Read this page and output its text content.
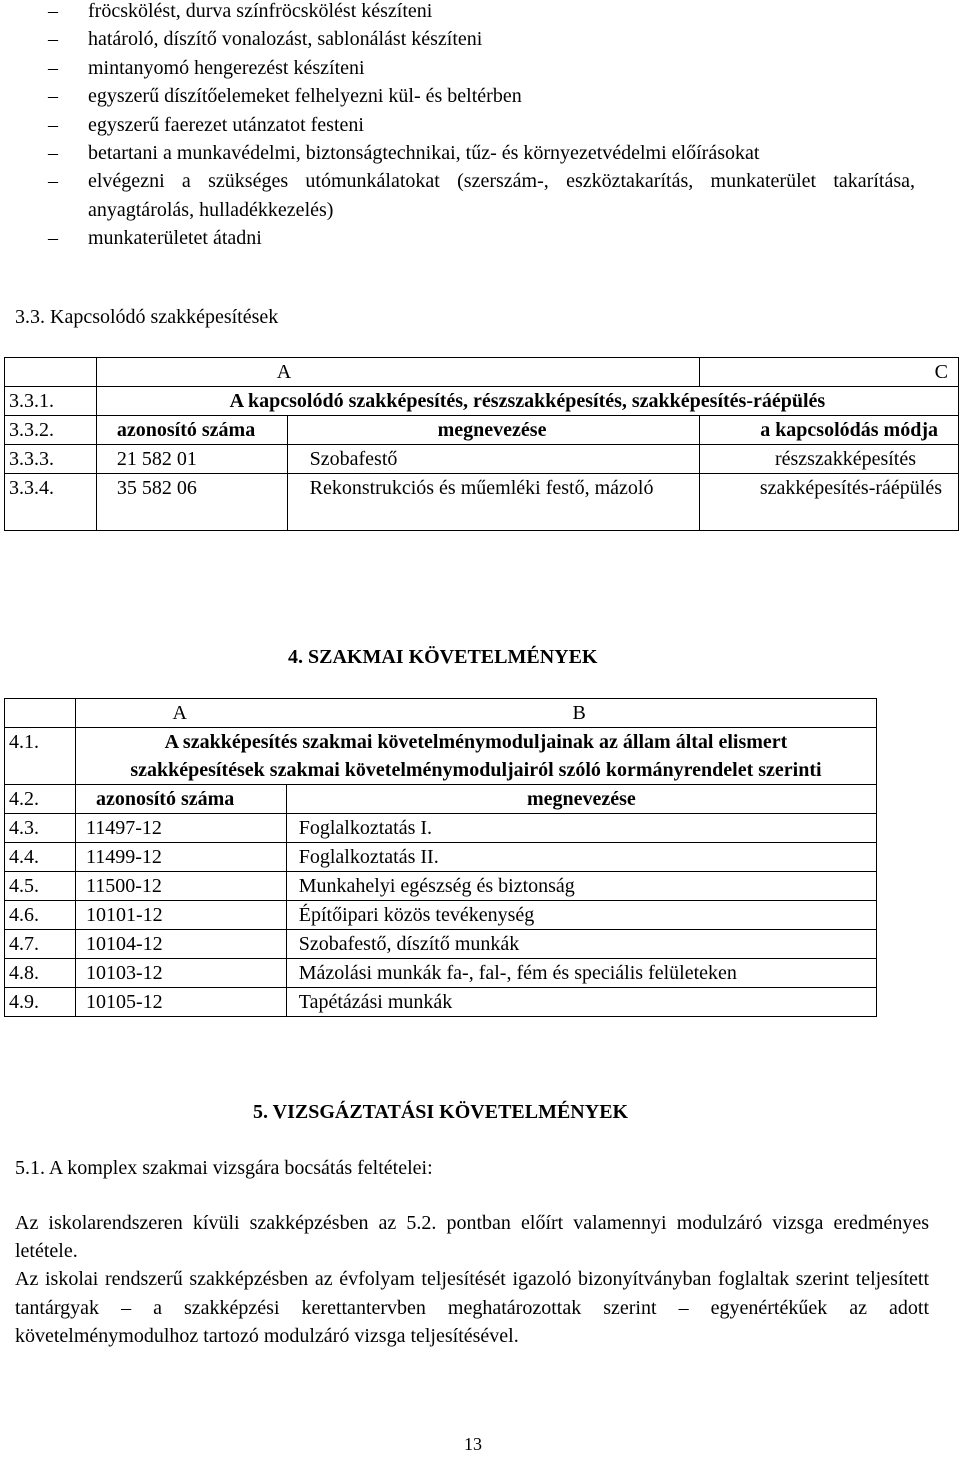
– fröcskölést, durva színfröcskölést készíteni
– határoló, díszítő vonalozást, sablonálást készíteni
– mintanyomó hengerezést készíteni
– egyszerű díszítőelemeket felhelyezni kül- és beltérben
– egyszerű faerezet utánzatot festeni
– betartani a munkavédelmi, biztonságtechnikai, tűz- és környezetvédelmi előírásokat
– elvégezni a szükséges utómunkálatokat (szerszám-, eszköztakarítás, munkaterület takarítása, anyagtárolás, hulladékkezelés)
– munkaterületet átadni
3.3. Kapcsolódó szakképesítések
	A		C
3.3.1.	A kapcsolódó szakképesítés, részszakképesítés, szakképesítés-ráépülés		
3.3.2.	azonosító száma	megnevezése	a kapcsolódás módja
3.3.3.	21 582 01	Szobafestő	részszakképesítés
3.3.4.	35 582 06	Rekonstrukciós és műemléki festő, mázoló	szakképesítés-ráépülés
4. SZAKMAI KÖVETELMÉNYEK

	A B	

4.1.	A szakképesítés szakmai követelménymoduljainak az állam által elismert szakképesítések szakmai követelménymoduljairól szóló kormányrendelet szerinti	
4.2.	azonosító száma	megnevezése
4.3.	11497-12	Foglalkoztatás I.
4.4.	11499-12	Foglalkoztatás II.
4.5.	11500-12	Munkahelyi egészség és biztonság
4.6.	10101-12	Építőipari közös tevékenység
4.7.	10104-12	Szobafestő, díszítő munkák
4.8.	10103-12	Mázolási munkák fa-, fal-, fém és speciális felületeken
4.9.	10105-12	Tapétázási munkák
5. VIZSGÁZTATÁSI KÖVETELMÉNYEK
5.1. A komplex szakmai vizsgára bocsátás feltételei:

Az iskolarendszeren kívüli szakképzésben az 5.2. pontban előírt valamennyi modulzáró vizsga eredményes letétele.

Az iskolai rendszerű szakképzésben az évfolyam teljesítését igazoló bizonyítványban foglaltak szerint teljesített tantárgyak – a szakképzési kerettantervben meghatározottak szerint – egyenértékűek az adott követelménymodulhoz tartozó modulzáró vizsga teljesítésével.

13
